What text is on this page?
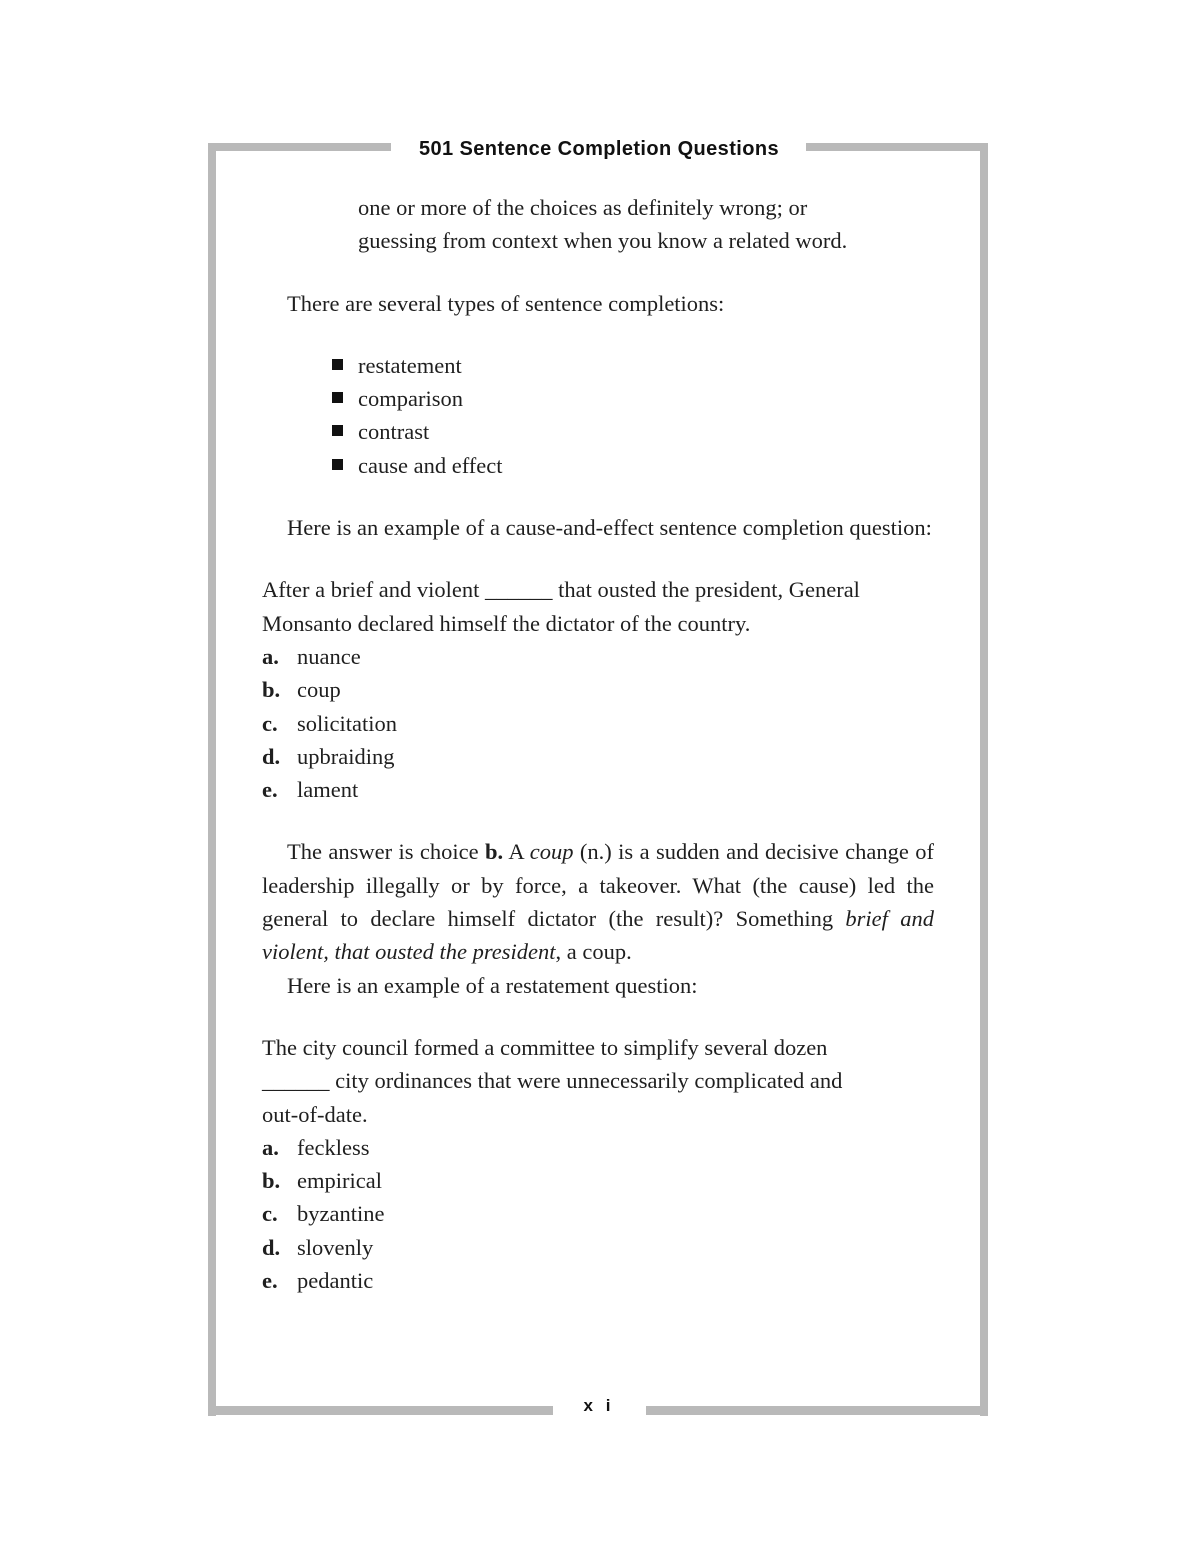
501 Sentence Completion Questions
x i

one or more of the choices as definitely wrong; or

guessing from context when you know a related word.

There are several types of sentence completions:

restatement
comparison
contrast
cause and effect

Here is an example of a cause-and-effect sentence completion question:

After a brief and violent ______ that ousted the president, General

Monsanto declared himself the dictator of the country.

a. nuance
b. coup
c. solicitation
d. upbraiding
e. lament

The answer is choice b. A coup (n.) is a sudden and decisive change of leadership illegally or by force, a takeover. What (the cause) led the general to declare himself dictator (the result)? Something brief and violent, that ousted the president, a coup.

Here is an example of a restatement question:

The city council formed a committee to simplify several dozen

______ city ordinances that were unnecessarily complicated and

out-of-date.

a. feckless
b. empirical
c. byzantine
d. slovenly
e. pedantic
